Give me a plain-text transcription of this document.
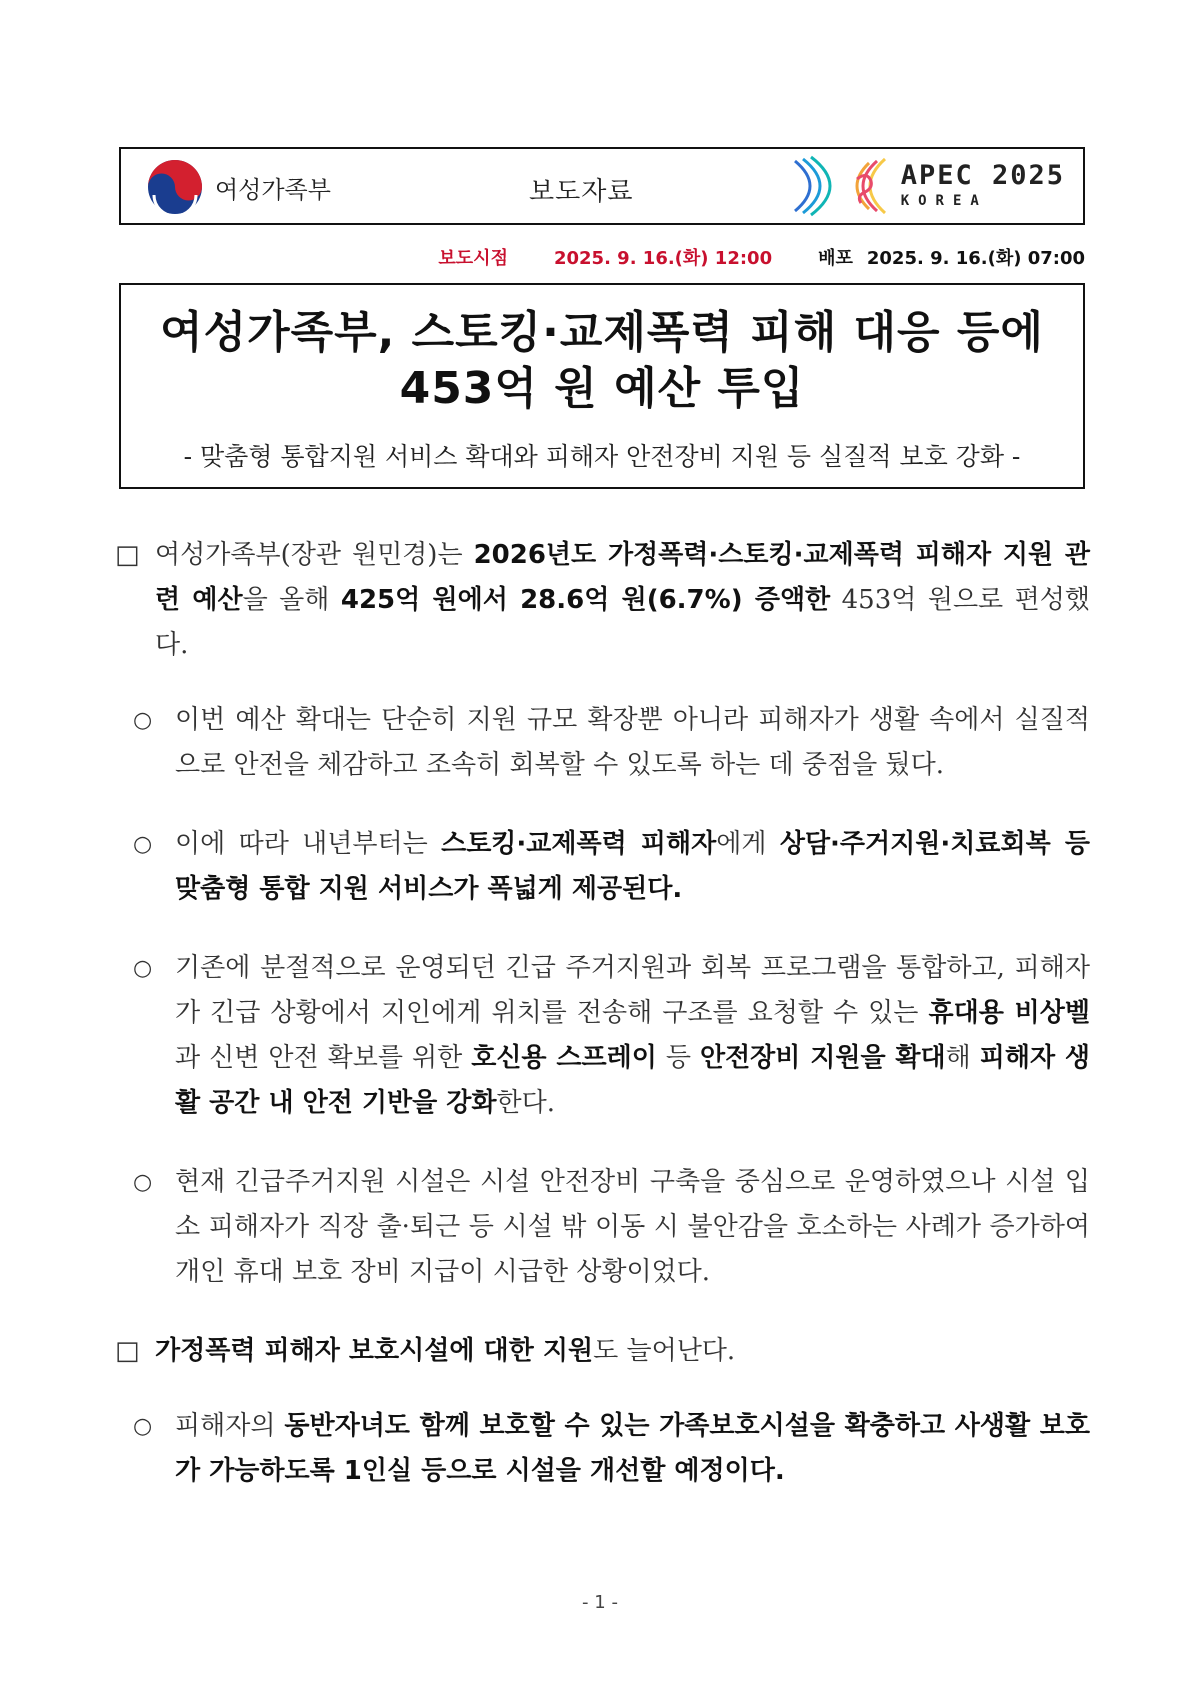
여성가족부	보도자료
APEC 2025
KOREA
보도시점	2025. 9. 16.(화) 12:00	배포 2025. 9. 16.(화) 07:00
여성가족부, 스토킹·교제폭력 피해 대응 등에
453억 원 예산 투입
- 맞춤형 통합지원 서비스 확대와 피해자 안전장비 지원 등 실질적 보호 강화 -
□ 여성가족부(장관 원민경)는 2026년도 가정폭력·스토킹·교제폭력 피해자 지원 관련 예산을 올해 425억 원에서 28.6억 원(6.7%) 증액한 453억 원으로 편성했다.
○ 이번 예산 확대는 단순히 지원 규모 확장뿐 아니라 피해자가 생활 속에서 실질적으로 안전을 체감하고 조속히 회복할 수 있도록 하는 데 중점을 뒀다.
○ 이에 따라 내년부터는 스토킹·교제폭력 피해자에게 상담·주거지원·치료회복 등 맞춤형 통합 지원 서비스가 폭넓게 제공된다.
○ 기존에 분절적으로 운영되던 긴급 주거지원과 회복 프로그램을 통합하고, 피해자가 긴급 상황에서 지인에게 위치를 전송해 구조를 요청할 수 있는 휴대용 비상벨과 신변 안전 확보를 위한 호신용 스프레이 등 안전장비 지원을 확대해 피해자 생활 공간 내 안전 기반을 강화한다.
○ 현재 긴급주거지원 시설은 시설 안전장비 구축을 중심으로 운영하였으나 시설 입소 피해자가 직장 출·퇴근 등 시설 밖 이동 시 불안감을 호소하는 사례가 증가하여 개인 휴대 보호 장비 지급이 시급한 상황이었다.
□ 가정폭력 피해자 보호시설에 대한 지원도 늘어난다.
○ 피해자의 동반자녀도 함께 보호할 수 있는 가족보호시설을 확충하고 사생활 보호가 가능하도록 1인실 등으로 시설을 개선할 예정이다.
- 1 -
